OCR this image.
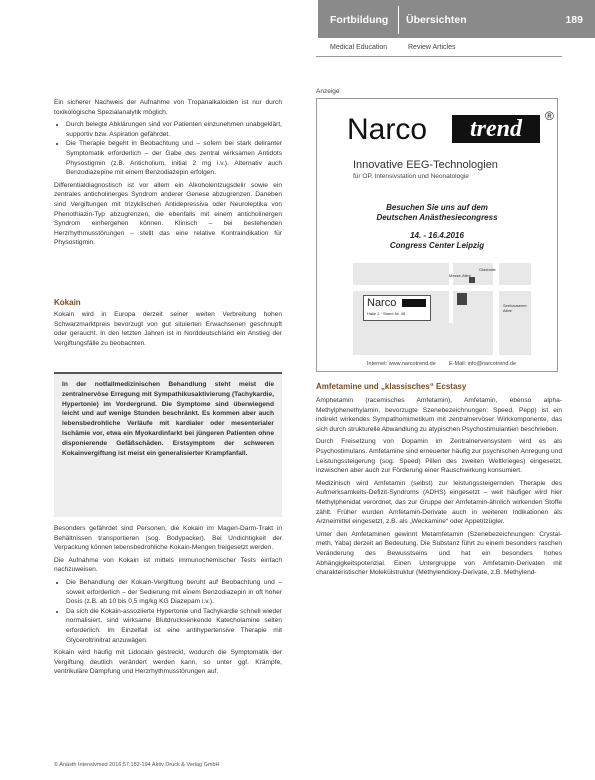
Fortbildung Übersichten	189
Medical Education	Review Articles

Ein sicherer Nachweis der Aufnahme von Tropanalkaloiden ist nur durch toxikologische Spezialanalytik möglich.

• Durch belegte Abklärungen sind vor Patienten einzunehmen unabgeklärt, supportiv bzw. Aspiration gefährdet.
• Die Therapie begeht in Beobachtung und – sofern bei stark deliranter Symptomatik erforderlich – der Gabe des zentral wirksamen Antidots Physostigmin (z.B. Anticholium, initial 2 mg i.v.). Alternativ auch Benzodiazepine mit einem Benzodiazepin erfolgen.

Differentialdiagnostisch ist vor allem ein Alkoholentzugsdelir sowie ein zentrales anticholinerges Syndrom anderer Genese abzugrenzen. Daneben sind Vergiftungen mit trizyklischen Antidepressiva oder Neuroleptika von Phenothiazin-Typ abzugrenzen, die ebenfalls mit einem anticholinergen Syndrom einhergehen können. Klinisch – bei bestehenden Herzrhythmusstörungen – stellt das eine relative Kontraindikation für Physostigmin.

Kokain
Kokain wird in Europa derzeit seiner weiten Verbreitung hohen Schwarzmarktpreis bevorzugt von gut situierten Erwachsenen geschnupft oder geraucht. In den letzten Jahren ist in Norddeutschland ein Anstieg der Vergiftungsfälle zu beobachten.

In der notfallmedizinischen Behandlung steht meist die zentralnervöse Erregung mit Sympathikusaktivierung (Tachykardie, Hypertonie) im Vordergrund. Die Symptome sind überwiegend leicht und auf wenige Stunden beschränkt. Es kommen aber auch lebensbedrohliche Verläufe mit kardialer oder mesenterialer Ischämie vor, etwa ein Myokardinfarkt bei jüngeren Patienten ohne disponierende Gefäßschäden. Erstsymptom der schweren Kokainvergiftung ist meist ein generalisierter Krampfanfall.

Besonders gefährdet sind Personen, die Kokain im Magen-Darm-Trakt in Behältnissen transportieren (sog. Bodypacker). Bei Undichtigkeit der Verpackung können lebensbedrohliche Kokain-Mengen freigesetzt werden.

Die Aufnahme von Kokain ist mittels immunochemischer Tests einfach nachzuweisen.

• Die Behandlung der Kokain-Vergiftung beruht auf Beobachtung und – soweit erforderlich – der Sedierung mit einem Benzodiazepin in oft hoher Dosis (z.B. ab 10 bis 0,5 mg/kg KG Diazepam i.v.).
• Da sich die Kokain-assoziierte Hypertonie und Tachykardie schnell wieder normalisiert, sind wirksame Blutdrucksenkende Katecholamine selten erforderlich. Im Einzelfall ist eine antihypertensive Therapie mit Glyceroltrinitrat anzuwägen.

Kokain wird häufig mit Lidocain gestreckt, wodurch die Symptomatik der Vergiftung deutlich verändert werden kann, so unter ggf. Krämpfe, ventrikuläre Dämpfung und Herzrhythmusstörungen auf.

Anzeige
Narco	trend	®
Innovative EEG-Technologien
für OP, Intensivstation und Neonatologie
Besuchen Sie uns auf dem
Deutschen Anästhesiecongress
14. - 16.4.2016
Congress Center Leipzig
Narco
Halle 2 · Stand Nr. 48
Messe-Allee
Glashalle
Seehausener Allee
Internet: www.narcotrend.de E-Mail: info@narcotrend.de
Amfetamine und „klassisches“ Ecstasy

Amphetamin (racemisches Amfetamin), Amfetamin, ebenso alpha-Methylphenethylamin, bevorzugte Szenebezeichnungen: Speed, Pepp) ist ein indirekt wirkendes Sympathomimetikum mit zentralnervöser Wirkkomponente, das sich durch strukturelle Abwandlung zu atypischen Psychostimulantien beschrieben.

Durch Freisetzung von Dopamin im Zentralnervensystem wird es als Psychostimulans. Amfetamine sind erneuerter häufig zur psychischen Anregung und Leistungssteigerung (sog. Speed) Pillen des zweiten Weltkrieges) eingesetzt, inzwischen aber auch zur Förderung einer Rauschwirkung konsumiert.

Medizinisch wird Amfetamin (selbst) zur leistungssteigernden Therapie des Aufmerksamkeits-Defizit-Syndroms (ADHS) eingesetzt – weit häufiger wird hier Methylphenidat verordnet, das zur Gruppe der Amfetamin-ähnlich wirkenden Stoffe zählt. Früher wurden Amfetamin-Derivate auch in weiteren Indikationen als Arzneimittel eingesetzt, z.B. als „Weckamine“ oder Appetitzügler.

Unter den Amfetaminen gewinnt Metamfetamin (Szenebezeichnungen: Crystal-meth, Yaba) derzeit an Bedeutung. Die Substanz führt zu einem besonders raschen Veränderung des Bewusstseins und hat ein besonders hohes Abhängigkeitspotenzial. Einen Untergruppe von Amfetamin-Derivaten mit charakteristischer Molekülstruktur (Methylendioxy-Derivate, z.B. Methylend-

© Anästh Intensivmed 2016;57:182-194 Aktiv Druck & Verlag GmbH
